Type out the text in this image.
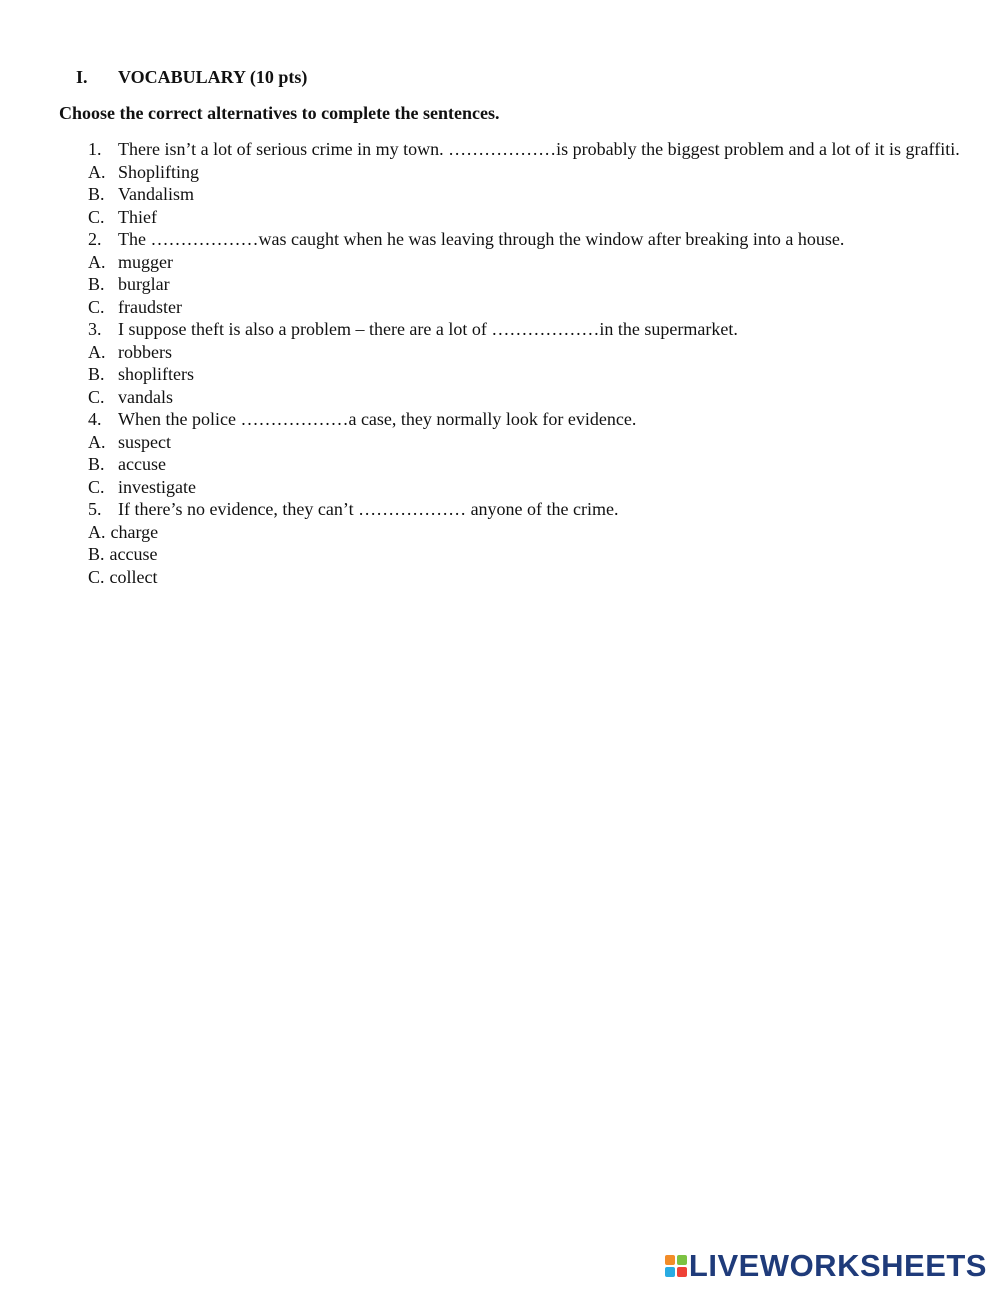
I. VOCABULARY (10 pts)
Choose the correct alternatives to complete the sentences.
1. There isn’t a lot of serious crime in my town. ………………is probably the biggest problem and a lot of it is graffiti.
A. Shoplifting
B. Vandalism
C. Thief
2. The ………………was caught when he was leaving through the window after breaking into a house.
A. mugger
B. burglar
C. fraudster
3. I suppose theft is also a problem – there are a lot of ………………in the supermarket.
A. robbers
B. shoplifters
C. vandals
4. When the police ………………a case, they normally look for evidence.
A. suspect
B. accuse
C. investigate
5. If there’s no evidence, they can’t ……………… anyone of the crime.
A. charge
B. accuse
C. collect
LIVEWORKSHEETS
